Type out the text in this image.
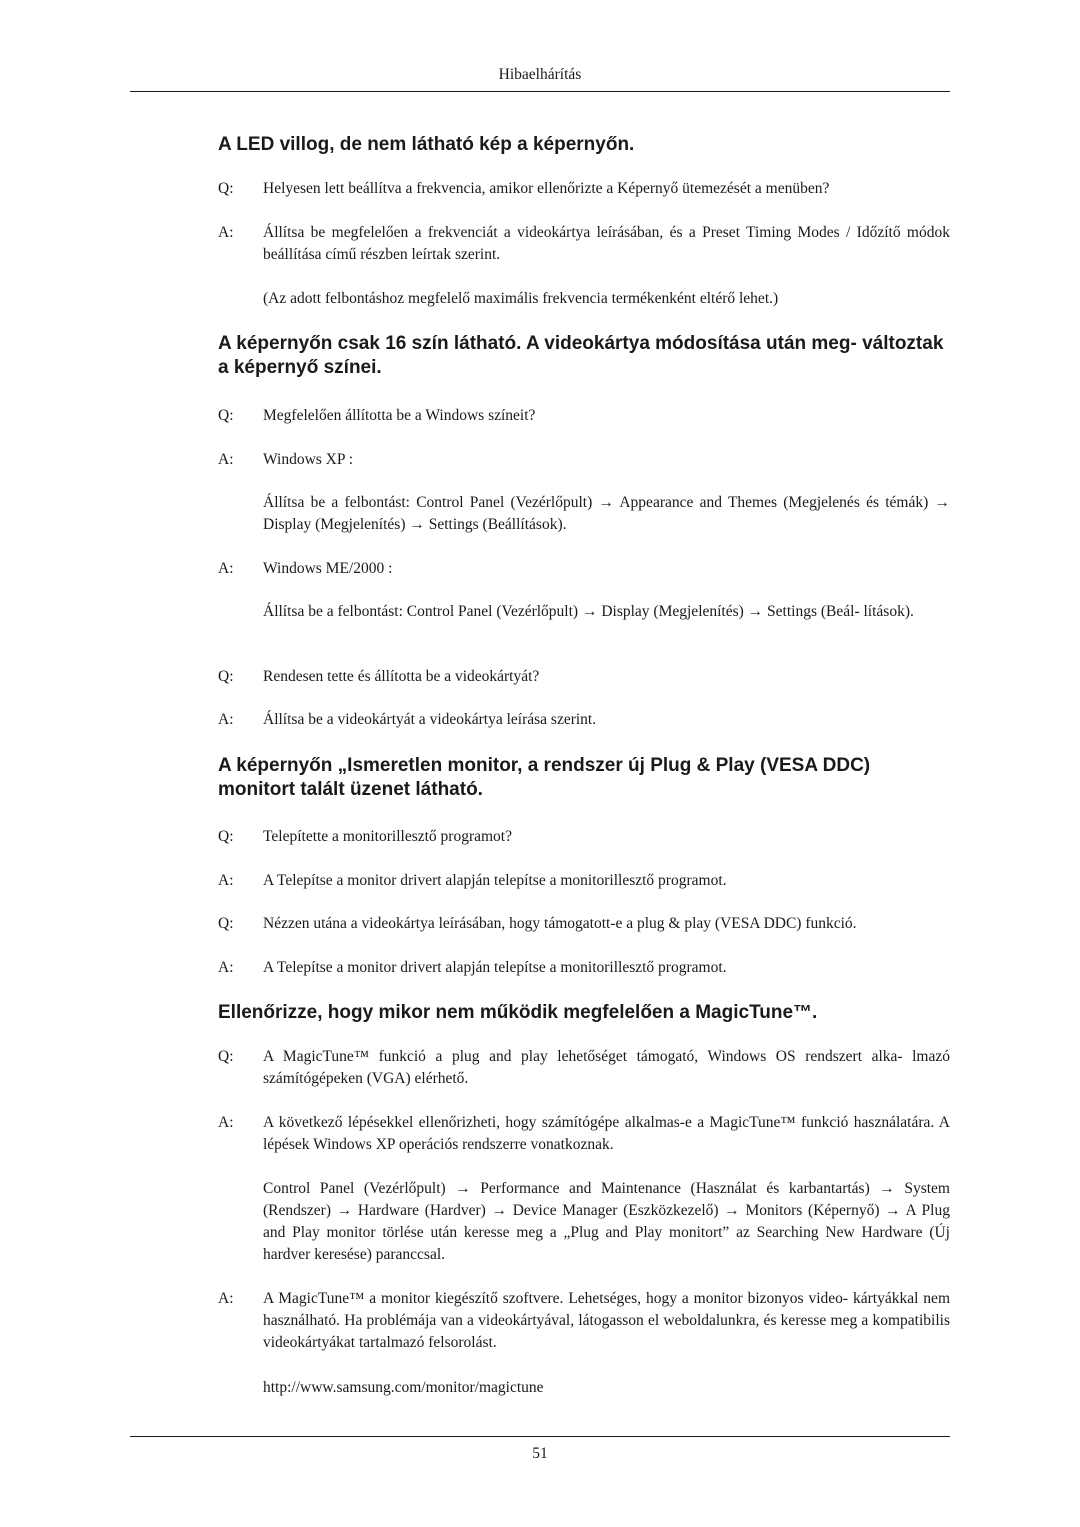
Hibaelhárítás
A LED villog, de nem látható kép a képernyőn.
Q:	Helyesen lett beállítva a frekvencia, amikor ellenőrizte a Képernyő ütemezését a menüben?
A:	Állítsa be megfelelően a frekvenciát a videokártya leírásában, és a Preset Timing Modes / Időzítő módok beállítása című részben leírtak szerint.
(Az adott felbontáshoz megfelelő maximális frekvencia termékenként eltérő lehet.)
A képernyőn csak 16 szín látható. A videokártya módosítása után meg- változtak a képernyő színei.
Q:	Megfelelően állította be a Windows színeit?
A:	Windows XP :
Állítsa be a felbontást: Control Panel (Vezérlőpult) → Appearance and Themes (Megjelenés és témák) → Display (Megjelenítés) → Settings (Beállítások).
A:	Windows ME/2000 :
Állítsa be a felbontást: Control Panel (Vezérlőpult) → Display (Megjelenítés) → Settings (Beál- lítások).
Q:	Rendesen tette és állította be a videokártyát?
A:	Állítsa be a videokártyát a videokártya leírása szerint.
A képernyőn „Ismeretlen monitor, a rendszer új Plug & Play (VESA DDC) monitort talált üzenet látható.
Q:	Telepítette a monitorillesztő programot?
A:	A Telepítse a monitor drivert alapján telepítse a monitorillesztő programot.
Q:	Nézzen utána a videokártya leírásában, hogy támogatott-e a plug & play (VESA DDC) funkció.
A:	A Telepítse a monitor drivert alapján telepítse a monitorillesztő programot.
Ellenőrizze, hogy mikor nem működik megfelelően a MagicTune™.
Q:	A MagicTune™ funkció a plug and play lehetőséget támogató, Windows OS rendszert alka- lmazó számítógépeken (VGA) elérhető.
A:	A következő lépésekkel ellenőrizheti, hogy számítógépe alkalmas-e a MagicTune™ funkció használatára. A lépések Windows XP operációs rendszerre vonatkoznak.
Control Panel (Vezérlőpult) → Performance and Maintenance (Használat és karbantartás) → System (Rendszer) → Hardware (Hardver) → Device Manager (Eszközkezelő) → Monitors (Képernyő) → A Plug and Play monitor törlése után keresse meg a „Plug and Play monitort” az Searching New Hardware (Új hardver keresése) paranccsal.
A:	A MagicTune™ a monitor kiegészítő szoftvere. Lehetséges, hogy a monitor bizonyos video- kártyákkal nem használható. Ha problémája van a videokártyával, látogasson el weboldalunkra, és keresse meg a kompatibilis videokártyákat tartalmazó felsorolást.
http://www.samsung.com/monitor/magictune
51
